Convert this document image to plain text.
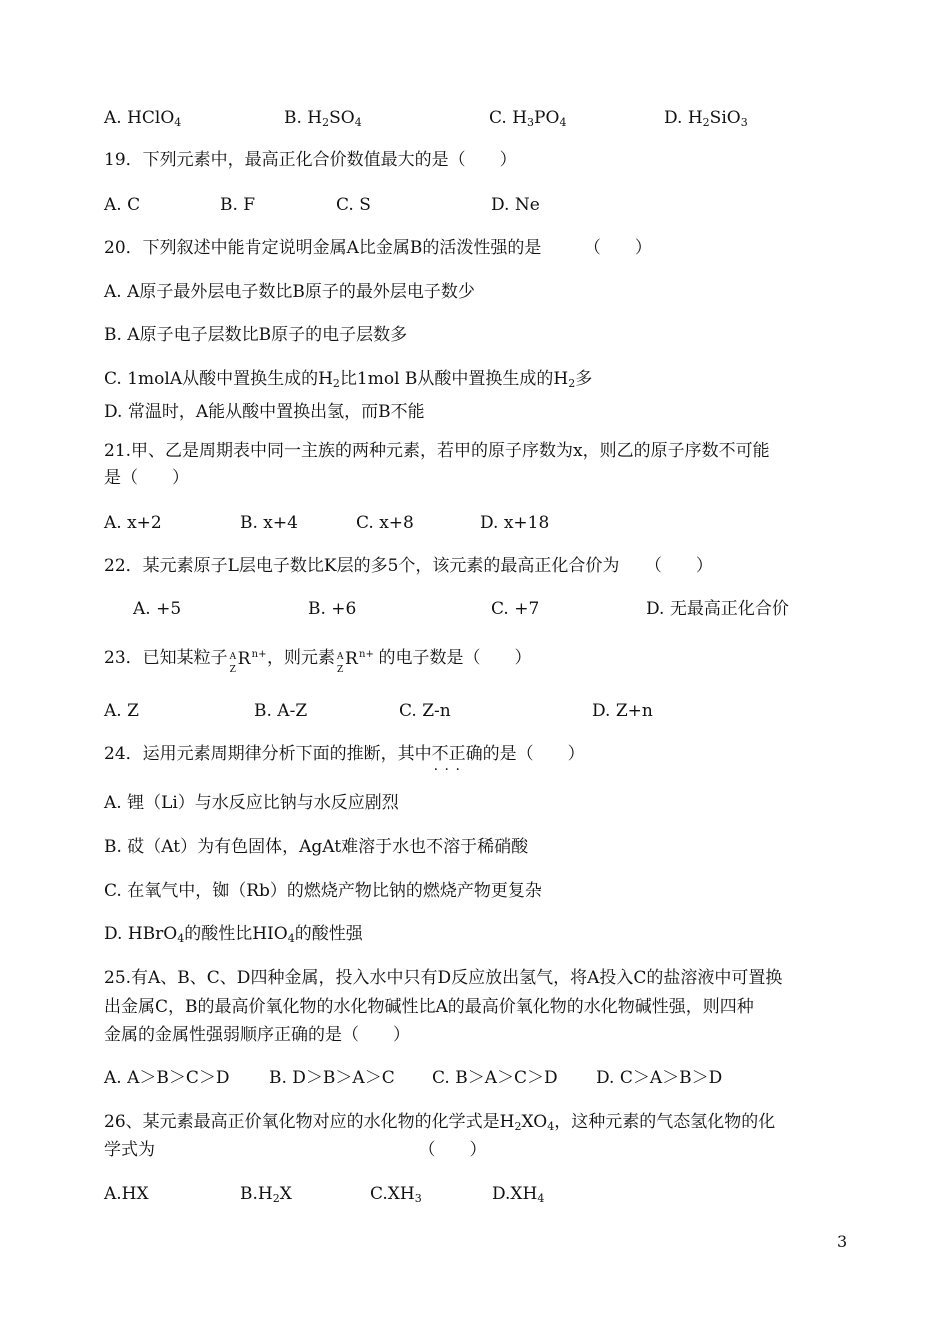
A. HClO$_4$	B. $H_2SO_4$	C. $H_3PO_4$	D. $H_2SiO_3$
19．下列元素中，最高正化合价数值最大的是（　　）
A. C	B. F	C. S	D. Ne
20．下列叙述中能肯定说明金属A比金属B的活泼性强的是　　　（　　）
A. A原子最外层电子数比B原子的最外层电子数少
B. A原子电子层数比B原子的电子层数多
C. 1molA从酸中置换生成的$H_2$比1mol B从酸中置换生成的$H_2$多
D. 常温时，A能从酸中置换出氢，而B不能
21.甲、乙是周期表中同一主族的两种元素，若甲的原子序数为x，则乙的原子序数不可能
是（　　）
A. x+2	B. x+4	C. x+8	D. x+18
22．某元素原子L层电子数比K层的多5个，该元素的最高正化合价为　　（　　）
A. +5	B. +6	C. +7	D. 无最高正化合价
23．已知某粒子 A
Z
R n+ ，则元素 A
Z
R n+ 的电子数是（　　）
A. Z	B. A-Z	C. Z-n	D. Z+n
24．运用元素周期律分析下面的推断，其中不正确 · · ·的是（　　）
A. 锂（Li）与水反应比钠与水反应剧烈
B. 砹（At）为有色固体，AgAt难溶于水也不溶于稀硝酸
C. 在氧气中，铷（Rb）的燃烧产物比钠的燃烧产物更复杂
D. HBrO$_4$的酸性比$HIO_4$的酸性强
25.有A、B、C、D四种金属，投入水中只有D反应放出氢气，将A投入C的盐溶液中可置换
出金属C，B的最高价氧化物的水化物碱性比A的最高价氧化物的水化物碱性强，则四种
金属的金属性强弱顺序正确的是（　　）
A. A＞B＞C＞D B. D＞B＞A＞C C. B＞A＞C＞D D. C＞A＞B＞D
26、某元素最高正价氧化物对应的水化物的化学式是$H_2XO_4$，这种元素的气态氢化物的化
学式为　　　　　　　　　　　　　　　　（　　）
A.HX	$B.H_2X$	$C.XH_3$	$D.XH_4$
3
